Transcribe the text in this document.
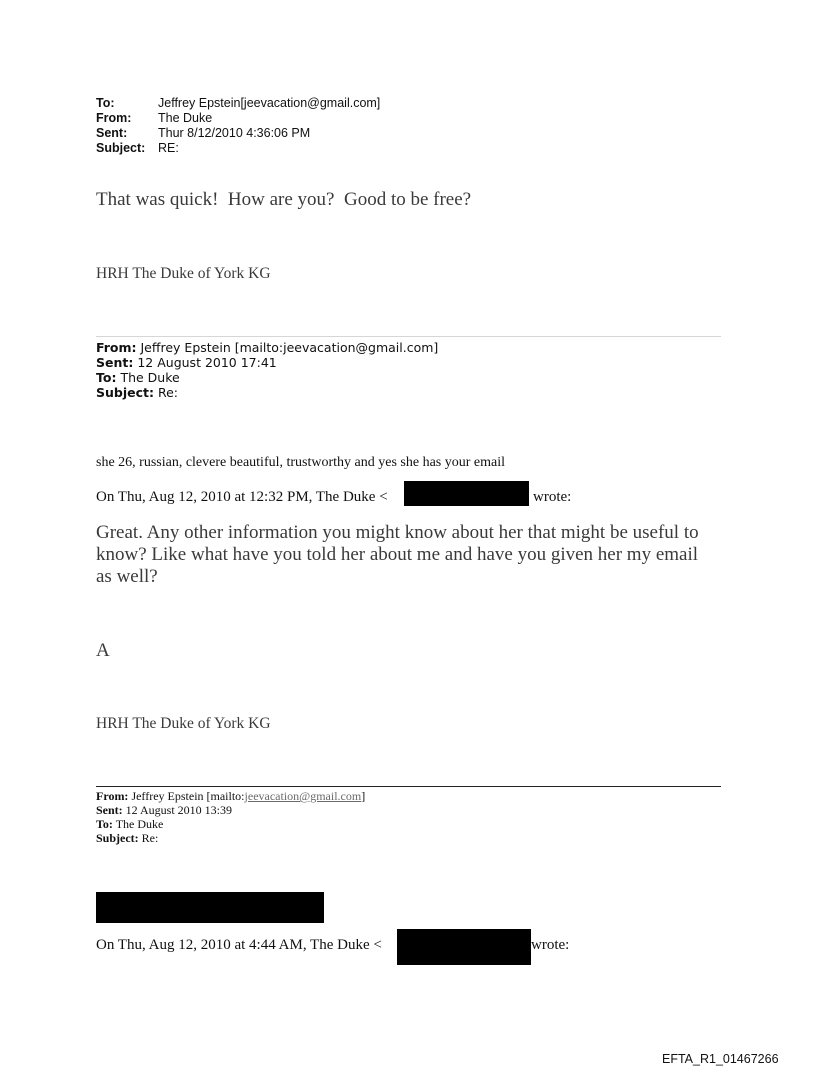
To:	Jeffrey Epstein[jeevacation@gmail.com]
From: The Duke
Sent: Thur 8/12/2010 4:36:06 PM
Subject: RE:
That was quick!  How are you?  Good to be free?
HRH The Duke of York KG
From: Jeffrey Epstein [mailto:jeevacation@gmail.com]
Sent: 12 August 2010 17:41
To: The Duke
Subject: Re:
she 26, russian, clevere beautiful, trustworthy and yes she has your email
On Thu, Aug 12, 2010 at 12:32 PM, The Duke <	wrote:
Great. Any other information you might know about her that might be useful to know? Like what have you told her about me and have you given her my email as well?
A
HRH The Duke of York KG
From: Jeffrey Epstein [mailto:jeevacation@gmail.com]
Sent: 12 August 2010 13:39
To: The Duke
Subject: Re:
On Thu, Aug 12, 2010 at 4:44 AM, The Duke <	wrote:
EFTA_R1_01467266
